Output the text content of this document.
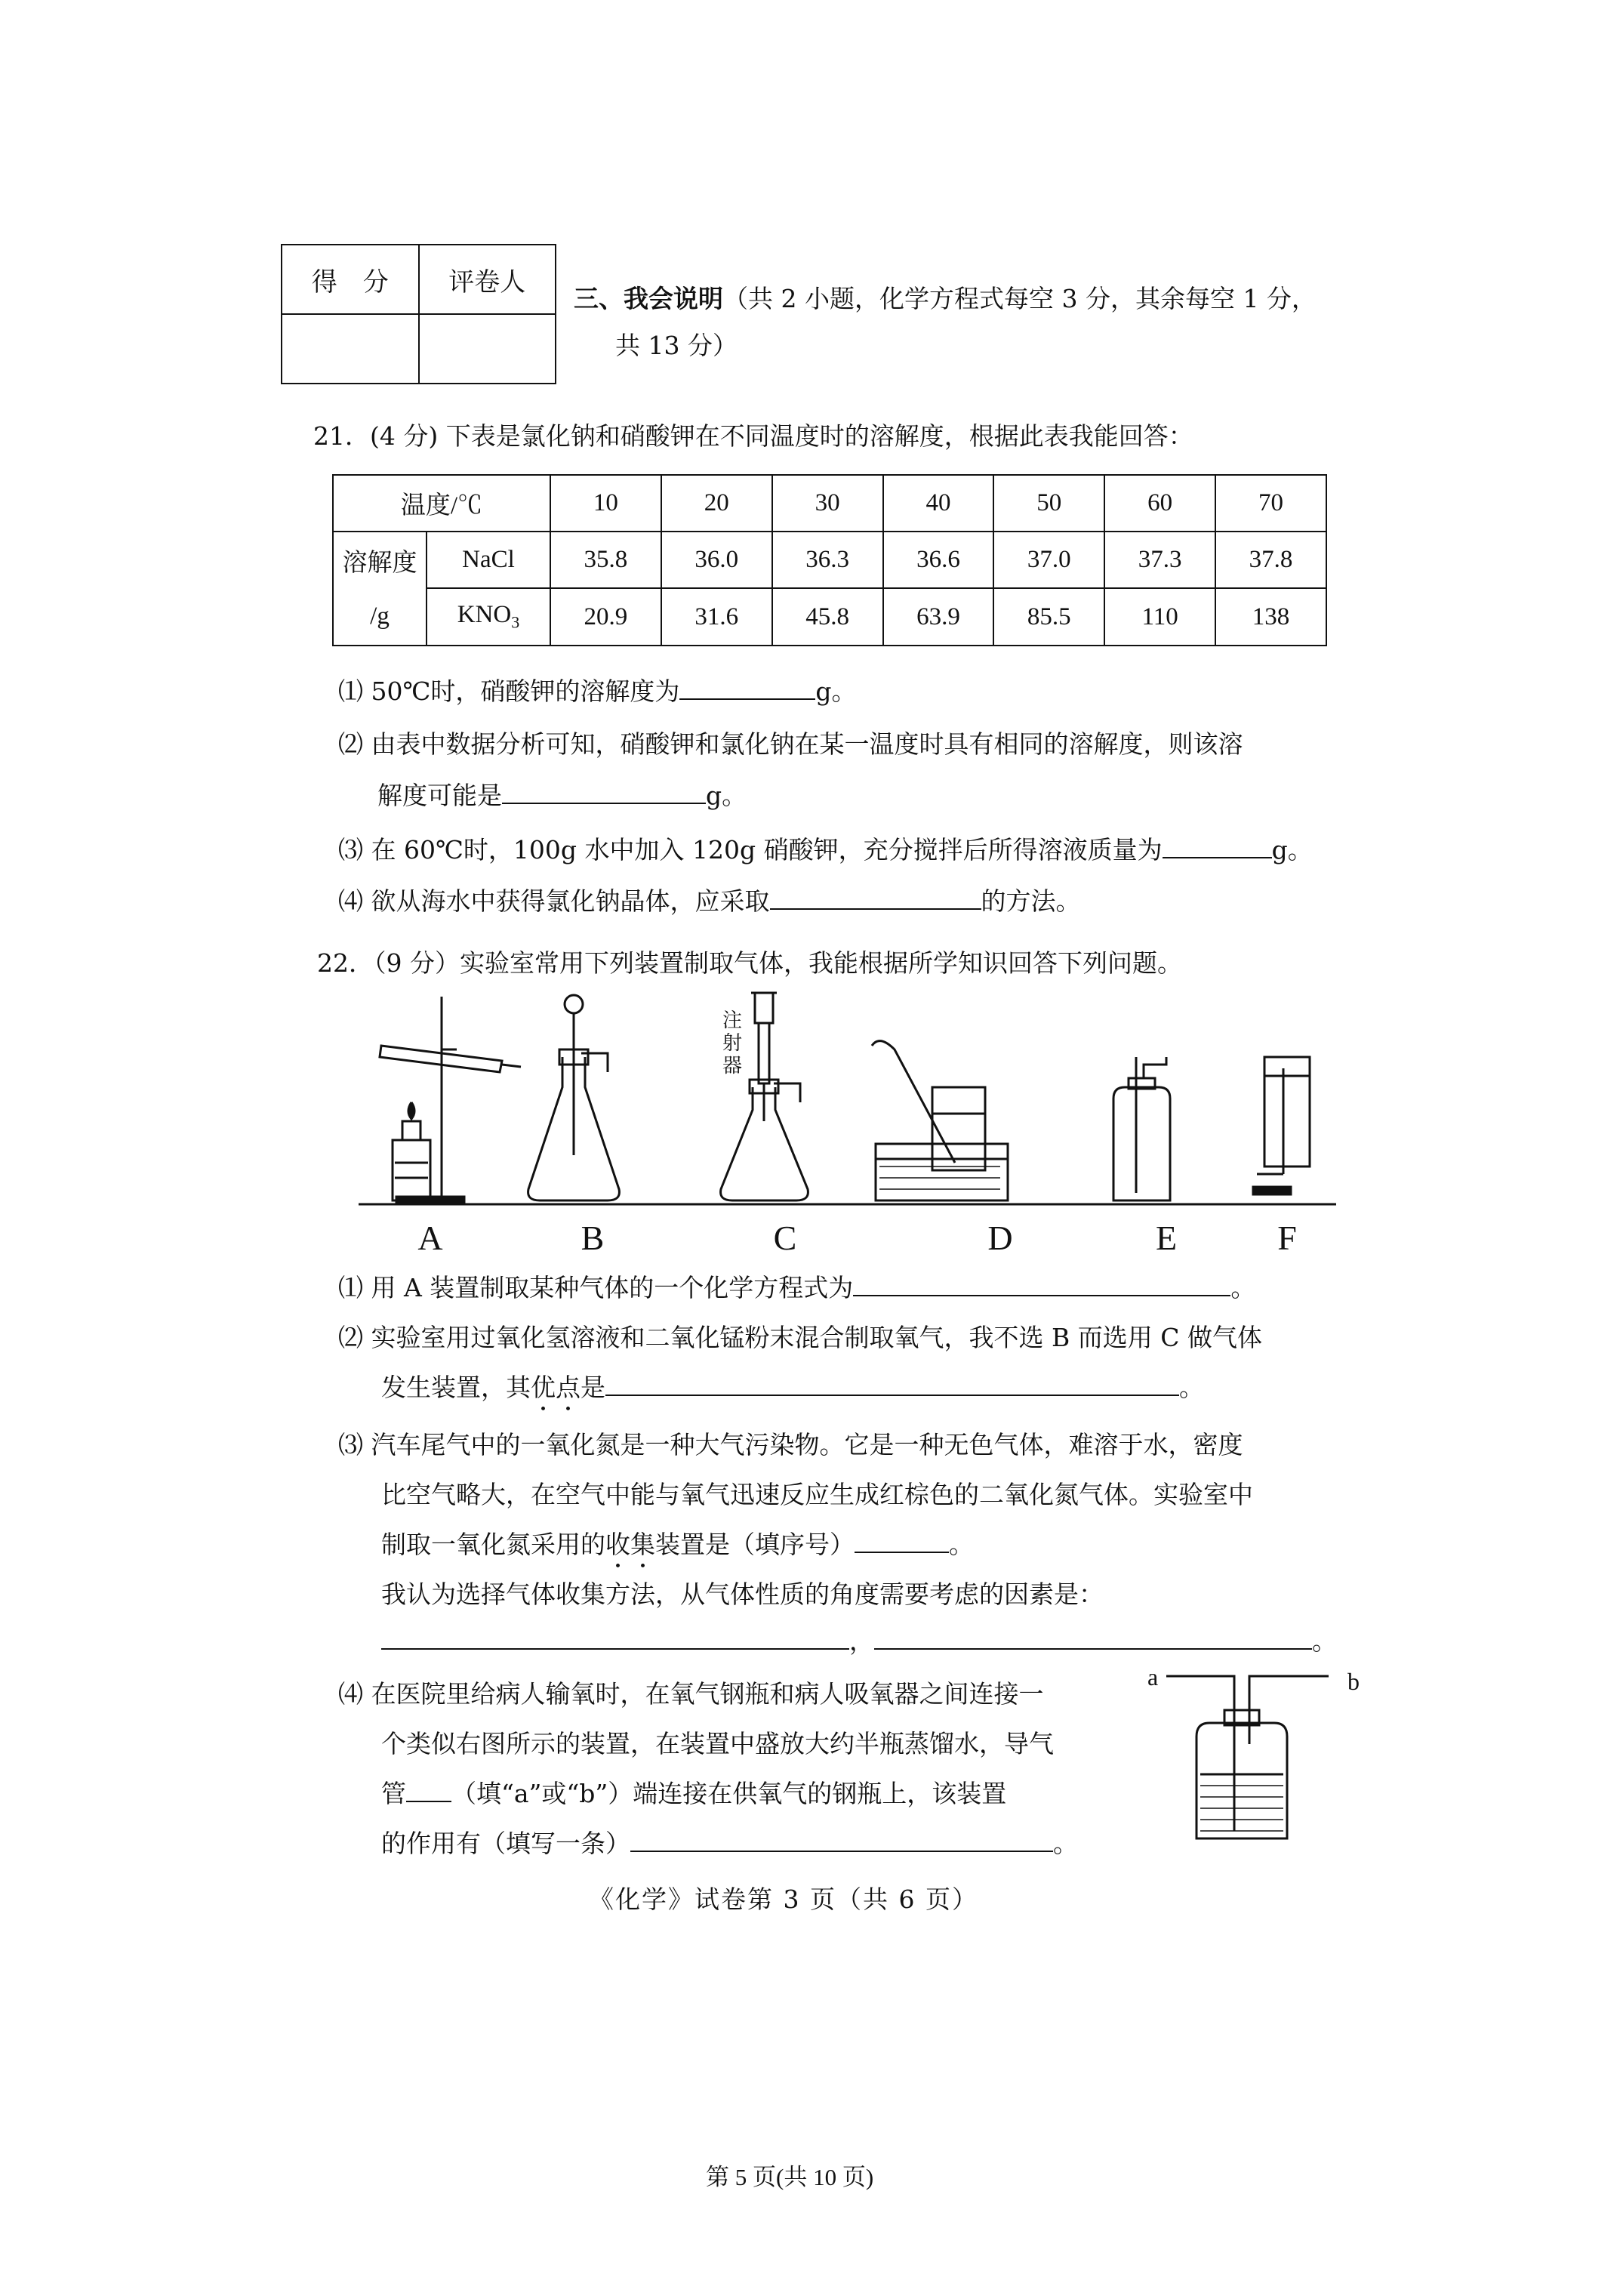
得　分	评卷人

三、我会说明（共 2 小题，化学方程式每空 3 分，其余每空 1 分，
共 13 分）
21．(4 分) 下表是氯化钠和硝酸钾在不同温度时的溶解度，根据此表我能回答：
温度/℃		10	20	30	40	50	60	70
溶解度	NaCl	35.8	36.0	36.3	36.6	37.0	37.3	37.8
/g	$KNO_3$	20.9	31.6	45.8	63.9	85.5	110	138
⑴ 50℃时，硝酸钾的溶解度为	g。
⑵ 由表中数据分析可知，硝酸钾和氯化钠在某一温度时具有相同的溶解度，则该溶
解度可能是	g。
⑶ 在 60℃时，100g 水中加入 120g 硝酸钾，充分搅拌后所得溶液质量为	g。
⑷ 欲从海水中获得氯化钠晶体，应采取	的方法。
22．（9 分）实验室常用下列装置制取气体，我能根据所学知识回答下列问题。
A	B	C	D	E	F
注
射
器
⑴ 用 A 装置制取某种气体的一个化学方程式为	。
⑵ 实验室用过氧化氢溶液和二氧化锰粉末混合制取氧气，我不选 B 而选用 C 做气体
发生装置，其优点是	。
⑶ 汽车尾气中的一氧化氮是一种大气污染物。它是一种无色气体，难溶于水，密度
比空气略大，在空气中能与氧气迅速反应生成红棕色的二氧化氮气体。实验室中
制取一氧化氮采用的收集装置是（填序号）	。
我认为选择气体收集方法，从气体性质的角度需要考虑的因素是：
，	。
⑷ 在医院里给病人输氧时，在氧气钢瓶和病人吸氧器之间连接一
个类似右图所示的装置，在装置中盛放大约半瓶蒸馏水，导气
管 （填“a”或“b”）端连接在供氧气的钢瓶上，该装置
的作用有（填写一条）	。
a	b
《化学》试卷第 3 页（共 6 页）
第 5 页(共 10 页)
